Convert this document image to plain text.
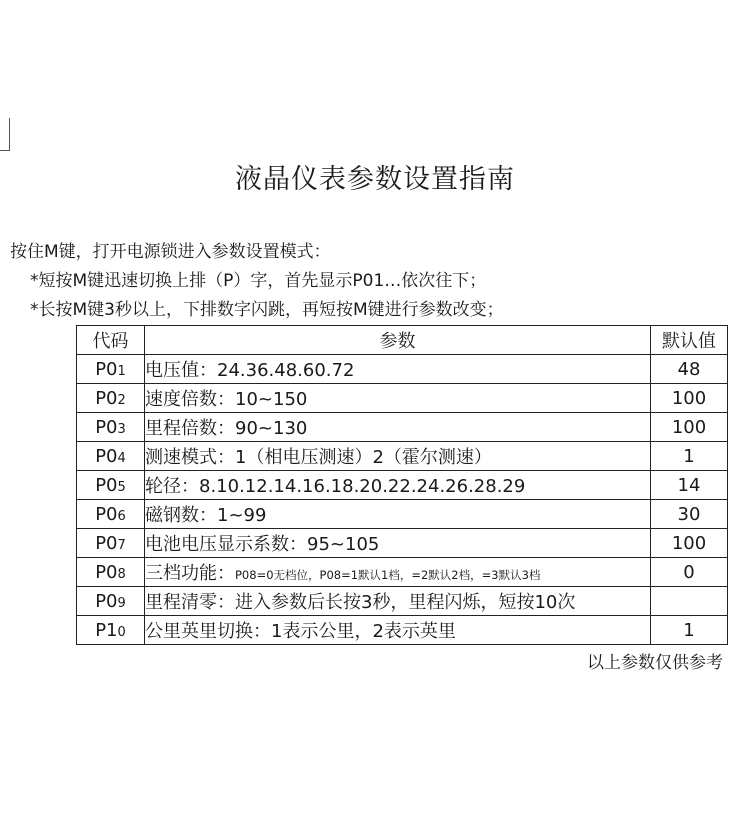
液晶仪表参数设置指南
按住M键，打开电源锁进入参数设置模式：
*短按M键迅速切换上排（P）字，首先显示P01…依次往下；
*长按M键3秒以上，下排数字闪跳，再短按M键进行参数改变；
代码	参数	默认值
P01	电压值：24.36.48.60.72	48
P02	速度倍数：10~150	100
P03	里程倍数：90~130	100
P04	测速模式：1（相电压测速）2（霍尔测速）	1
P05	轮径：8.10.12.14.16.18.20.22.24.26.28.29	14
P06	磁钢数：1~99	30
P07	电池电压显示系数：95~105	100
P08	三档功能：P08=0无档位，P08=1默认1档，=2默认2档，=3默认3档	0
P09	里程清零：进入参数后长按3秒，里程闪烁，短按10次	
P10	公里英里切换：1表示公里，2表示英里	1
以上参数仅供参考
